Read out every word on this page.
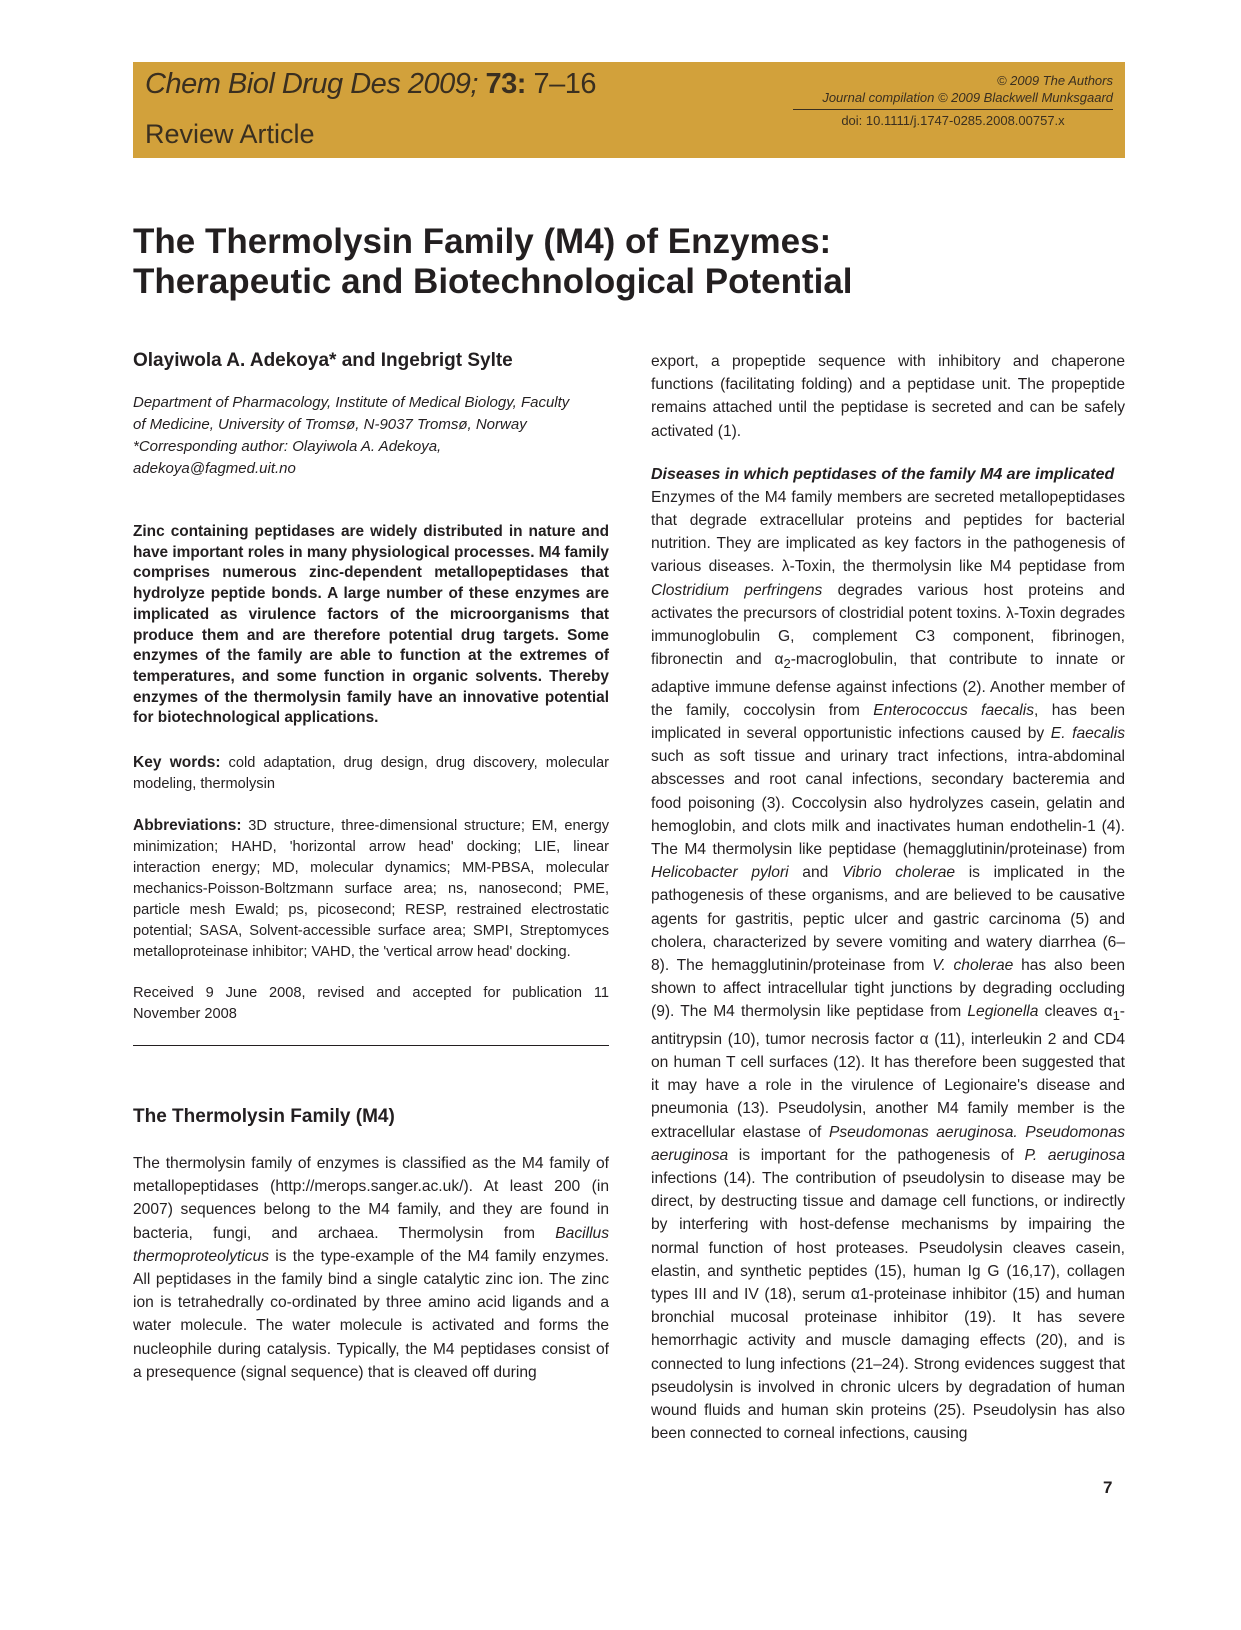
Chem Biol Drug Des 2009; 73: 7–16
Review Article
© 2009 The Authors
Journal compilation © 2009 Blackwell Munksgaard
doi: 10.1111/j.1747-0285.2008.00757.x
The Thermolysin Family (M4) of Enzymes:
Therapeutic and Biotechnological Potential

Olayiwola A. Adekoya* and Ingebrigt Sylte

Department of Pharmacology, Institute of Medical Biology, Faculty
of Medicine, University of Tromsø, N-9037 Tromsø, Norway
*Corresponding author: Olayiwola A. Adekoya,
adekoya@fagmed.uit.no

Zinc containing peptidases are widely distributed in nature and have important roles in many physiological processes. M4 family comprises numerous zinc-dependent metallopeptidases that hydrolyze peptide bonds. A large number of these enzymes are implicated as virulence factors of the microorganisms that produce them and are therefore potential drug targets. Some enzymes of the family are able to function at the extremes of temperatures, and some function in organic solvents. Thereby enzymes of the thermolysin family have an innovative potential for biotechnological applications.

Key words: cold adaptation, drug design, drug discovery, molecular modeling, thermolysin

Abbreviations: 3D structure, three-dimensional structure; EM, energy minimization; HAHD, 'horizontal arrow head' docking; LIE, linear interaction energy; MD, molecular dynamics; MM-PBSA, molecular mechanics-Poisson-Boltzmann surface area; ns, nanosecond; PME, particle mesh Ewald; ps, picosecond; RESP, restrained electrostatic potential; SASA, Solvent-accessible surface area; SMPI, Streptomyces metalloproteinase inhibitor; VAHD, the 'vertical arrow head' docking.

Received 9 June 2008, revised and accepted for publication 11 November 2008

The Thermolysin Family (M4)

The thermolysin family of enzymes is classified as the M4 family of metallopeptidases (http://merops.sanger.ac.uk/). At least 200 (in 2007) sequences belong to the M4 family, and they are found in bacteria, fungi, and archaea. Thermolysin from Bacillus thermoproteolyticus is the type-example of the M4 family enzymes. All peptidases in the family bind a single catalytic zinc ion. The zinc ion is tetrahedrally co-ordinated by three amino acid ligands and a water molecule. The water molecule is activated and forms the nucleophile during catalysis. Typically, the M4 peptidases consist of a presequence (signal sequence) that is cleaved off during

export, a propeptide sequence with inhibitory and chaperone functions (facilitating folding) and a peptidase unit. The propeptide remains attached until the peptidase is secreted and can be safely activated (1).

Diseases in which peptidases of the family M4 are implicated

Enzymes of the M4 family members are secreted metallopeptidases that degrade extracellular proteins and peptides for bacterial nutrition. They are implicated as key factors in the pathogenesis of various diseases. λ-Toxin, the thermolysin like M4 peptidase from Clostridium perfringens degrades various host proteins and activates the precursors of clostridial potent toxins. λ-Toxin degrades immunoglobulin G, complement C3 component, fibrinogen, fibronectin and $\alpha_2$-macroglobulin, that contribute to innate or adaptive immune defense against infections (2). Another member of the family, coccolysin from Enterococcus faecalis, has been implicated in several opportunistic infections caused by E. faecalis such as soft tissue and urinary tract infections, intra-abdominal abscesses and root canal infections, secondary bacteremia and food poisoning (3). Coccolysin also hydrolyzes casein, gelatin and hemoglobin, and clots milk and inactivates human endothelin-1 (4). The M4 thermolysin like peptidase (hemagglutinin/proteinase) from Helicobacter pylori and Vibrio cholerae is implicated in the pathogenesis of these organisms, and are believed to be causative agents for gastritis, peptic ulcer and gastric carcinoma (5) and cholera, characterized by severe vomiting and watery diarrhea (6–8). The hemagglutinin/proteinase from V. cholerae has also been shown to affect intracellular tight junctions by degrading occluding (9). The M4 thermolysin like peptidase from Legionella cleaves $\alpha_1$-antitrypsin (10), tumor necrosis factor α (11), interleukin 2 and CD4 on human T cell surfaces (12). It has therefore been suggested that it may have a role in the virulence of Legionaire's disease and pneumonia (13). Pseudolysin, another M4 family member is the extracellular elastase of Pseudomonas aeruginosa. Pseudomonas aeruginosa is important for the pathogenesis of P. aeruginosa infections (14). The contribution of pseudolysin to disease may be direct, by destructing tissue and damage cell functions, or indirectly by interfering with host-defense mechanisms by impairing the normal function of host proteases. Pseudolysin cleaves casein, elastin, and synthetic peptides (15), human Ig G (16,17), collagen types III and IV (18), serum α1-proteinase inhibitor (15) and human bronchial mucosal proteinase inhibitor (19). It has severe hemorrhagic activity and muscle damaging effects (20), and is connected to lung infections (21–24). Strong evidences suggest that pseudolysin is involved in chronic ulcers by degradation of human wound fluids and human skin proteins (25). Pseudolysin has also been connected to corneal infections, causing

7
